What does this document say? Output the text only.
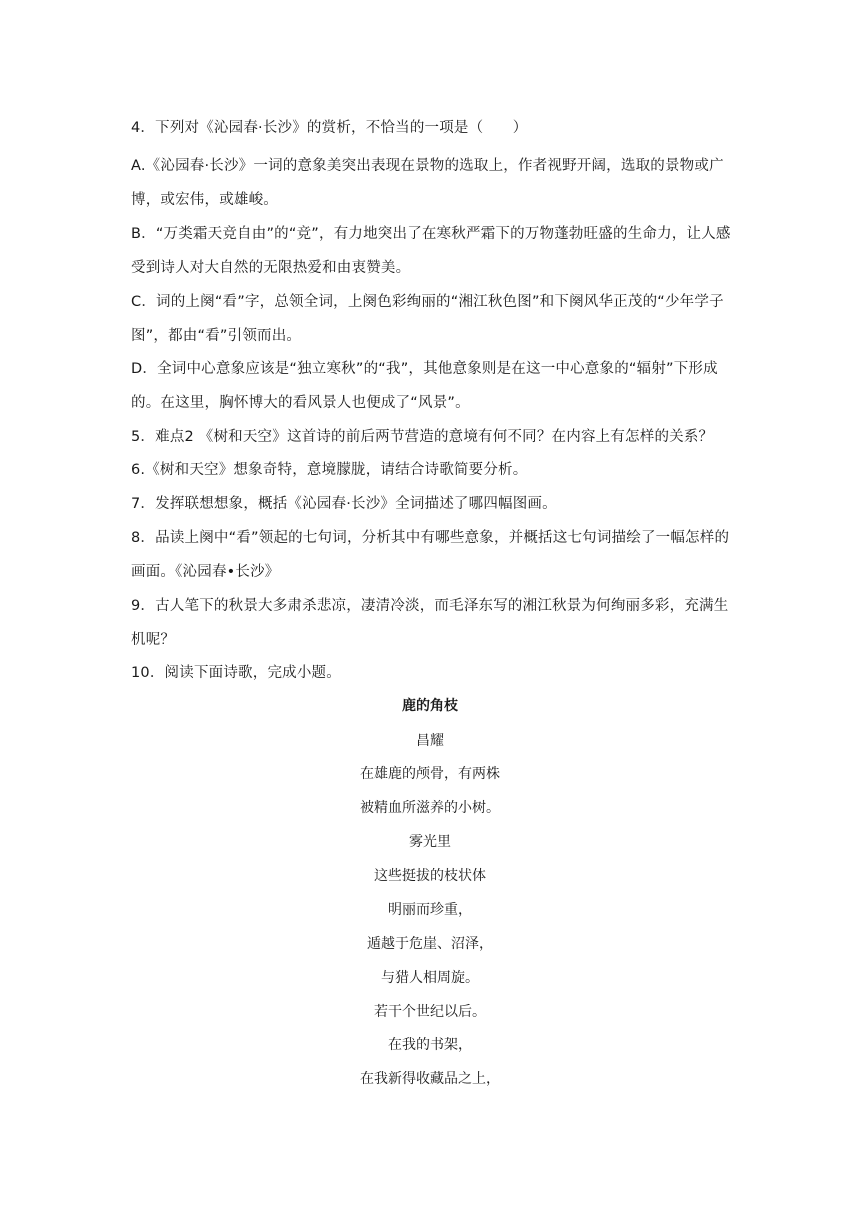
4．下列对《沁园春·长沙》的赏析，不恰当的一项是（　　）

A.《沁园春·长沙》一词的意象美突出表现在景物的选取上，作者视野开阔，选取的景物或广博，或宏伟，或雄峻。

B．“万类霜天竞自由”的“竞”，有力地突出了在寒秋严霜下的万物蓬勃旺盛的生命力，让人感受到诗人对大自然的无限热爱和由衷赞美。

C．词的上阕“看”字，总领全词，上阕色彩绚丽的“湘江秋色图”和下阕风华正茂的“少年学子图”，都由“看”引领而出。

D．全词中心意象应该是“独立寒秋”的“我”，其他意象则是在这一中心意象的“辐射”下形成的。在这里，胸怀博大的看风景人也便成了“风景”。

5．难点2 《树和天空》这首诗的前后两节营造的意境有何不同？在内容上有怎样的关系？

6.《树和天空》想象奇特，意境朦胧，请结合诗歌简要分析。

7．发挥联想想象，概括《沁园春·长沙》全词描述了哪四幅图画。

8．品读上阕中“看”领起的七句词，分析其中有哪些意象，并概括这七句词描绘了一幅怎样的画面。《沁园春•长沙》

9．古人笔下的秋景大多肃杀悲凉，凄清冷淡，而毛泽东写的湘江秋景为何绚丽多彩，充满生机呢？

10．阅读下面诗歌，完成小题。

鹿的角枝

昌耀

在雄鹿的颅骨，有两株

被精血所滋养的小树。

雾光里

这些挺拔的枝状体

明丽而珍重，

遁越于危崖、沼泽，

与猎人相周旋。

若干个世纪以后。

在我的书架，

在我新得收藏品之上，
